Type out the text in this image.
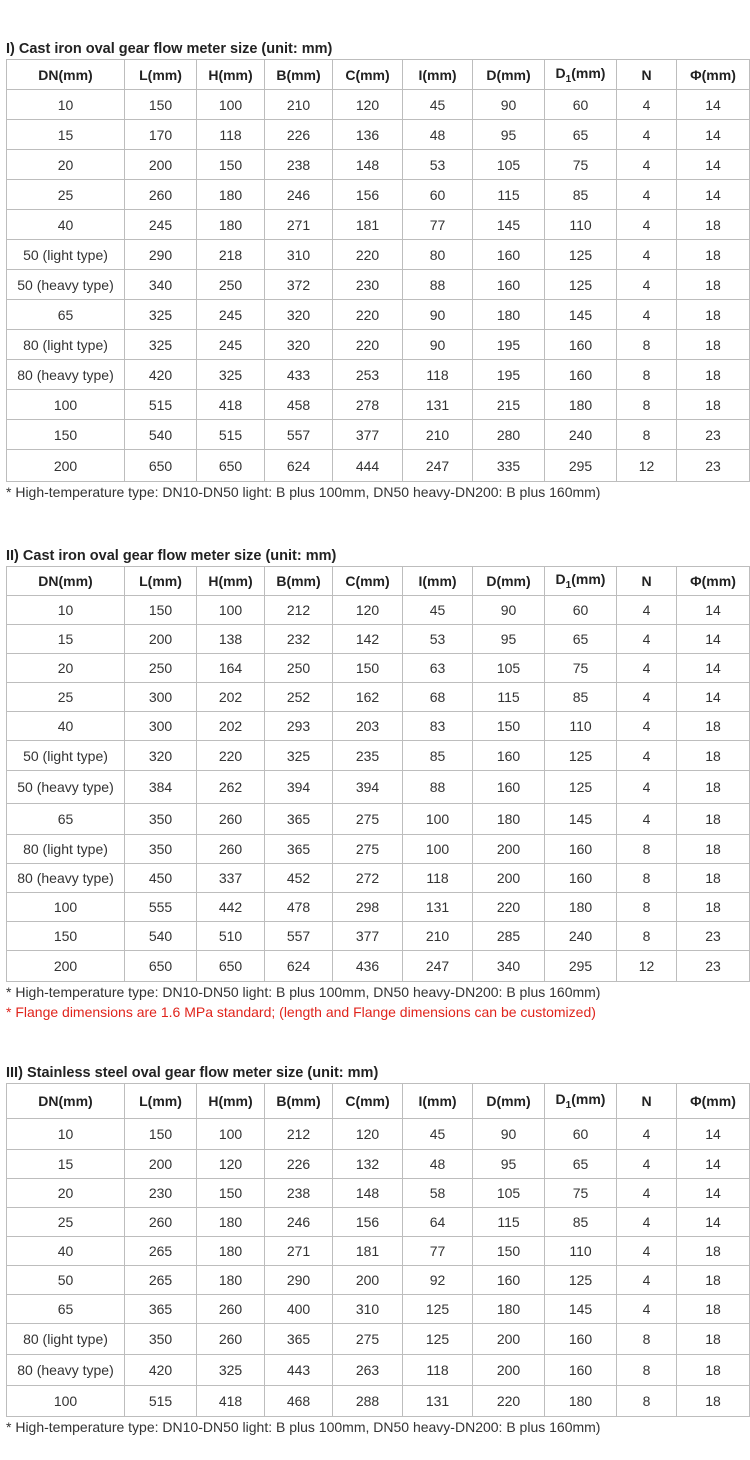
I) Cast iron oval gear flow meter size (unit: mm)
DN(mm)	L(mm)	H(mm)	B(mm)	C(mm)	I(mm)	D(mm)	$D_1(mm)$	N	Φ(mm)
10	150	100	210	120	45	90	60	4	14
15	170	118	226	136	48	95	65	4	14
20	200	150	238	148	53	105	75	4	14
25	260	180	246	156	60	115	85	4	14
40	245	180	271	181	77	145	110	4	18
50 (light type)	290	218	310	220	80	160	125	4	18
50 (heavy type)	340	250	372	230	88	160	125	4	18
65	325	245	320	220	90	180	145	4	18
80 (light type)	325	245	320	220	90	195	160	8	18
80 (heavy type)	420	325	433	253	118	195	160	8	18
100	515	418	458	278	131	215	180	8	18
150	540	515	557	377	210	280	240	8	23
200	650	650	624	444	247	335	295	12	23
* High-temperature type: DN10-DN50 light: B plus 100mm, DN50 heavy-DN200: B plus 160mm)
II) Cast iron oval gear flow meter size (unit: mm)
DN(mm)	L(mm)	H(mm)	B(mm)	C(mm)	I(mm)	D(mm)	$D_1(mm)$	N	Φ(mm)
10	150	100	212	120	45	90	60	4	14
15	200	138	232	142	53	95	65	4	14
20	250	164	250	150	63	105	75	4	14
25	300	202	252	162	68	115	85	4	14
40	300	202	293	203	83	150	110	4	18
50 (light type)	320	220	325	235	85	160	125	4	18
50 (heavy type)	384	262	394	394	88	160	125	4	18
65	350	260	365	275	100	180	145	4	18
80 (light type)	350	260	365	275	100	200	160	8	18
80 (heavy type)	450	337	452	272	118	200	160	8	18
100	555	442	478	298	131	220	180	8	18
150	540	510	557	377	210	285	240	8	23
200	650	650	624	436	247	340	295	12	23
* High-temperature type: DN10-DN50 light: B plus 100mm, DN50 heavy-DN200: B plus 160mm)
* Flange dimensions are 1.6 MPa standard; (length and Flange dimensions can be customized)
III) Stainless steel oval gear flow meter size (unit: mm)
DN(mm)	L(mm)	H(mm)	B(mm)	C(mm)	I(mm)	D(mm)	$D_1(mm)$	N	Φ(mm)
10	150	100	212	120	45	90	60	4	14
15	200	120	226	132	48	95	65	4	14
20	230	150	238	148	58	105	75	4	14
25	260	180	246	156	64	115	85	4	14
40	265	180	271	181	77	150	110	4	18
50	265	180	290	200	92	160	125	4	18
65	365	260	400	310	125	180	145	4	18
80 (light type)	350	260	365	275	125	200	160	8	18
80 (heavy type)	420	325	443	263	118	200	160	8	18
100	515	418	468	288	131	220	180	8	18
* High-temperature type: DN10-DN50 light: B plus 100mm, DN50 heavy-DN200: B plus 160mm)
